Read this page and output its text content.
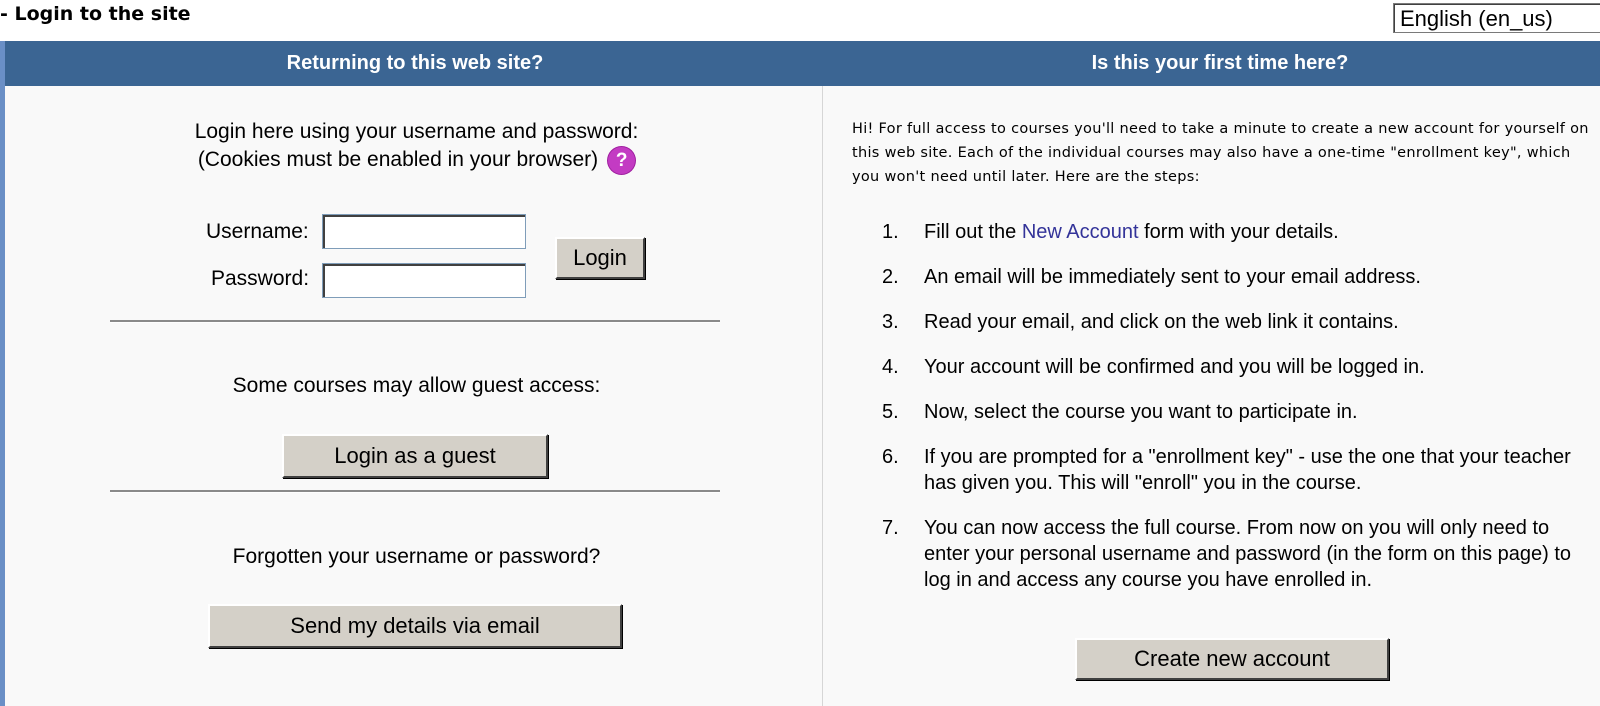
- Login to the site	English (en_us)
Returning to this web site?	Is this your first time here?
Login here using your username and password:
(Cookies must be enabled in your browser) ?
Username:
Password:
Login
Some courses may allow guest access:
Login as a guest
Forgotten your username or password?
Send my details via email
Hi! For full access to courses you'll need to take a minute to create a new account for yourself on this web site. Each of the individual courses may also have a one-time "enrollment key", which you won't need until later. Here are the steps:
1. Fill out the New Account form with your details.
2. An email will be immediately sent to your email address.
3. Read your email, and click on the web link it contains.
4. Your account will be confirmed and you will be logged in.
5. Now, select the course you want to participate in.
6. If you are prompted for a "enrollment key" - use the one that your teacher has given you. This will "enroll" you in the course.
7. You can now access the full course. From now on you will only need to enter your personal username and password (in the form on this page) to log in and access any course you have enrolled in.
Create new account
